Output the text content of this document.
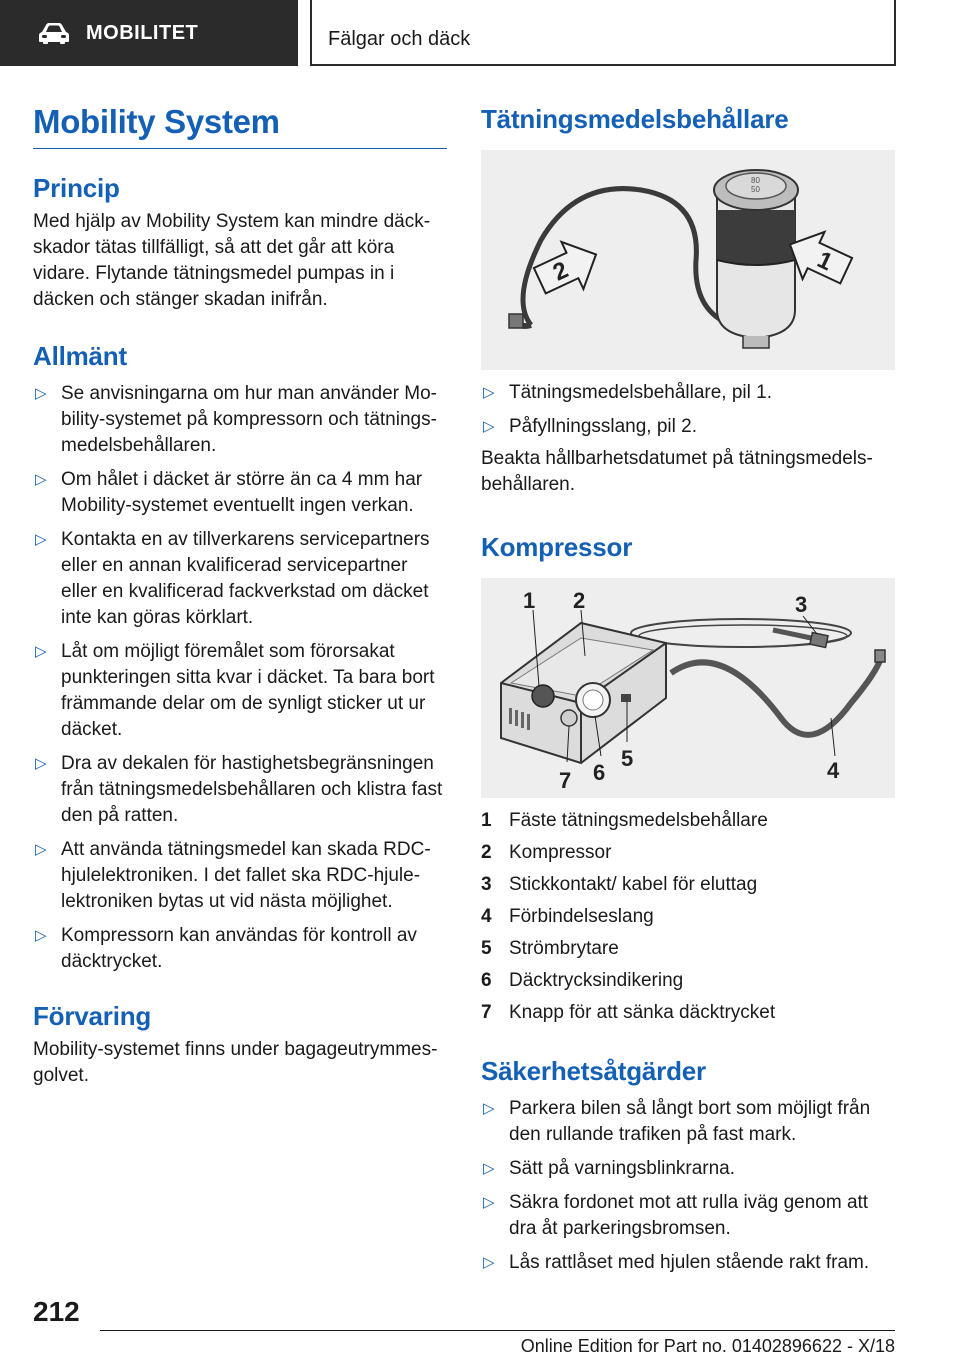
MOBILITET	Fälgar och däck
Mobility System
Princip

Med hjälp av Mobility System kan mindre däckskador tätas tillfälligt, så att det går att köra vidare. Flytande tätningsmedel pumpas in i däcken och stänger skadan inifrån.

Allmänt
▷ Se anvisningarna om hur man använder Mobility-systemet på kompressorn och tätningsmedelsbehållaren.
▷ Om hålet i däcket är större än ca 4 mm har Mobility-systemet eventuellt ingen verkan.
▷ Kontakta en av tillverkarens servicepartners eller en annan kvalificerad servicepartner eller en kvalificerad fackverkstad om däcket inte kan göras körklart.
▷ Låt om möjligt föremålet som förorsakat punkteringen sitta kvar i däcket. Ta bara bort främmande delar om de synligt sticker ut ur däcket.
▷ Dra av dekalen för hastighetsbegränsningen från tätningsmedelsbehållaren och klistra fast den på ratten.
▷ Att använda tätningsmedel kan skada RDC-hjulelektroniken. I det fallet ska RDC-hjulelektroniken bytas ut vid nästa möjlighet.
▷ Kompressorn kan användas för kontroll av däcktrycket.
Förvaring

Mobility-systemet finns under bagageutrymmesgolvet.

Tätningsmedelsbehållare
80
50
2	1
▷ Tätningsmedelsbehållare, pil 1.
▷ Påfyllningsslang, pil 2.

Beakta hållbarhetsdatumet på tätningsmedelsbehållaren.

Kompressor
1 2	3
4
5
6
7
1 Fäste tätningsmedelsbehållare
2 Kompressor
3 Stickkontakt/ kabel för eluttag
4 Förbindelseslang
5 Strömbrytare
6 Däcktrycksindikering
7 Knapp för att sänka däcktrycket
Säkerhetsåtgärder
▷ Parkera bilen så långt bort som möjligt från den rullande trafiken på fast mark.
▷ Sätt på varningsblinkrarna.
▷ Säkra fordonet mot att rulla iväg genom att dra åt parkeringsbromsen.
▷ Lås rattlåset med hjulen stående rakt fram.
212
Online Edition for Part no. 01402896622 - X/18
